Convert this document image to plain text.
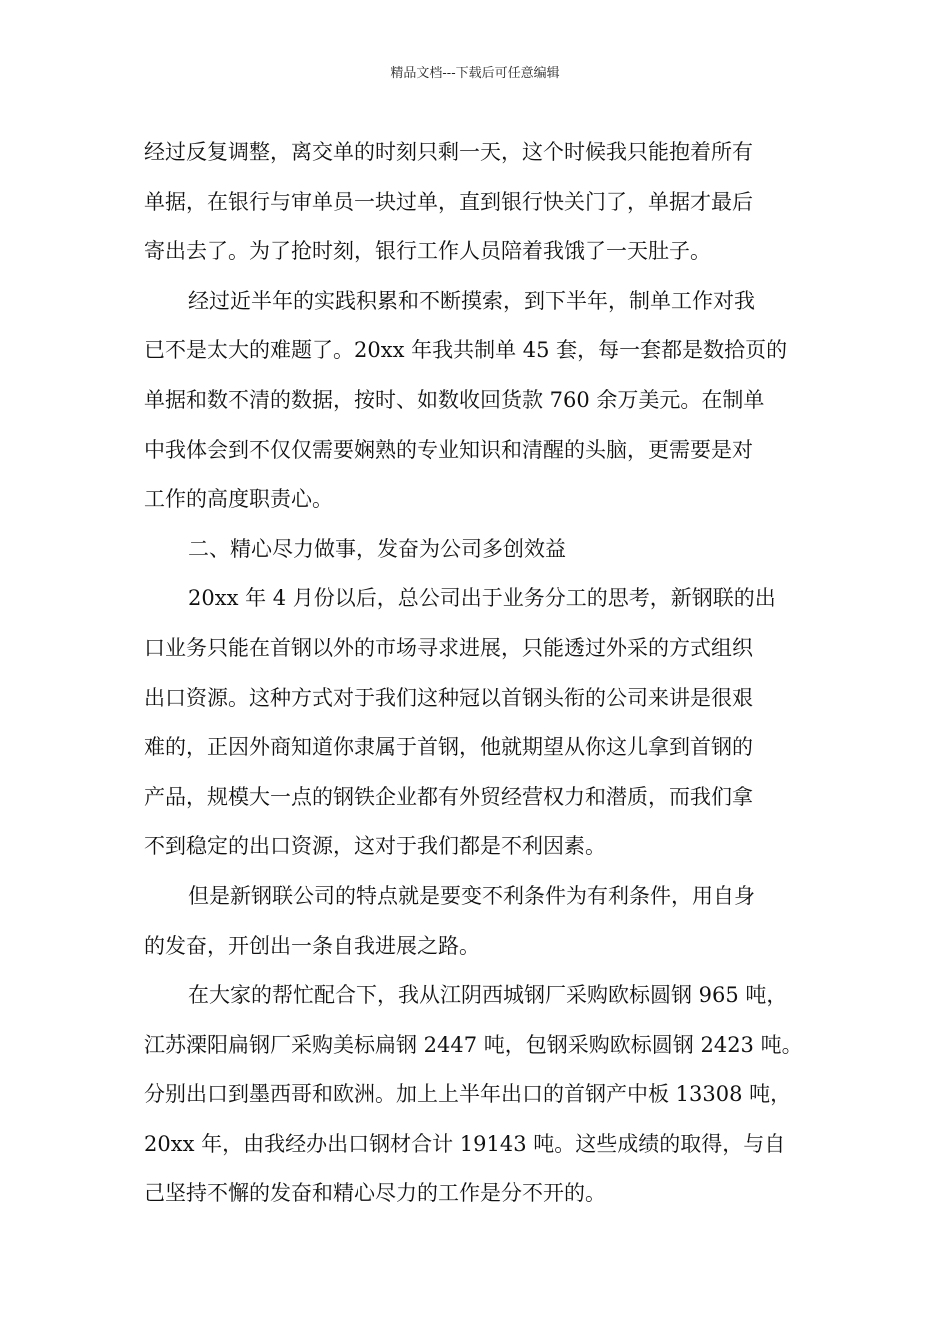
精品文档---下载后可任意编辑
经过反复调整，离交单的时刻只剩一天，这个时候我只能抱着所有
单据，在银行与审单员一块过单，直到银行快关门了，单据才最后
寄出去了。为了抢时刻，银行工作人员陪着我饿了一天肚子。
经过近半年的实践积累和不断摸索，到下半年，制单工作对我
已不是太大的难题了。20xx 年我共制单 45 套，每一套都是数拾页的
单据和数不清的数据，按时、如数收回货款 760 余万美元。在制单
中我体会到不仅仅需要娴熟的专业知识和清醒的头脑，更需要是对
工作的高度职责心。
二、精心尽力做事，发奋为公司多创效益
20xx 年 4 月份以后，总公司出于业务分工的思考，新钢联的出
口业务只能在首钢以外的市场寻求进展，只能透过外采的方式组织
出口资源。这种方式对于我们这种冠以首钢头衔的公司来讲是很艰
难的，正因外商知道你隶属于首钢，他就期望从你这儿拿到首钢的
产品，规模大一点的钢铁企业都有外贸经营权力和潜质，而我们拿
不到稳定的出口资源，这对于我们都是不利因素。
但是新钢联公司的特点就是要变不利条件为有利条件，用自身
的发奋，开创出一条自我进展之路。
在大家的帮忙配合下，我从江阴西城钢厂采购欧标圆钢 965 吨，
江苏溧阳扁钢厂采购美标扁钢 2447 吨，包钢采购欧标圆钢 2423 吨。
分别出口到墨西哥和欧洲。加上上半年出口的首钢产中板 13308 吨，
20xx 年，由我经办出口钢材合计 19143 吨。这些成绩的取得，与自
己坚持不懈的发奋和精心尽力的工作是分不开的。
